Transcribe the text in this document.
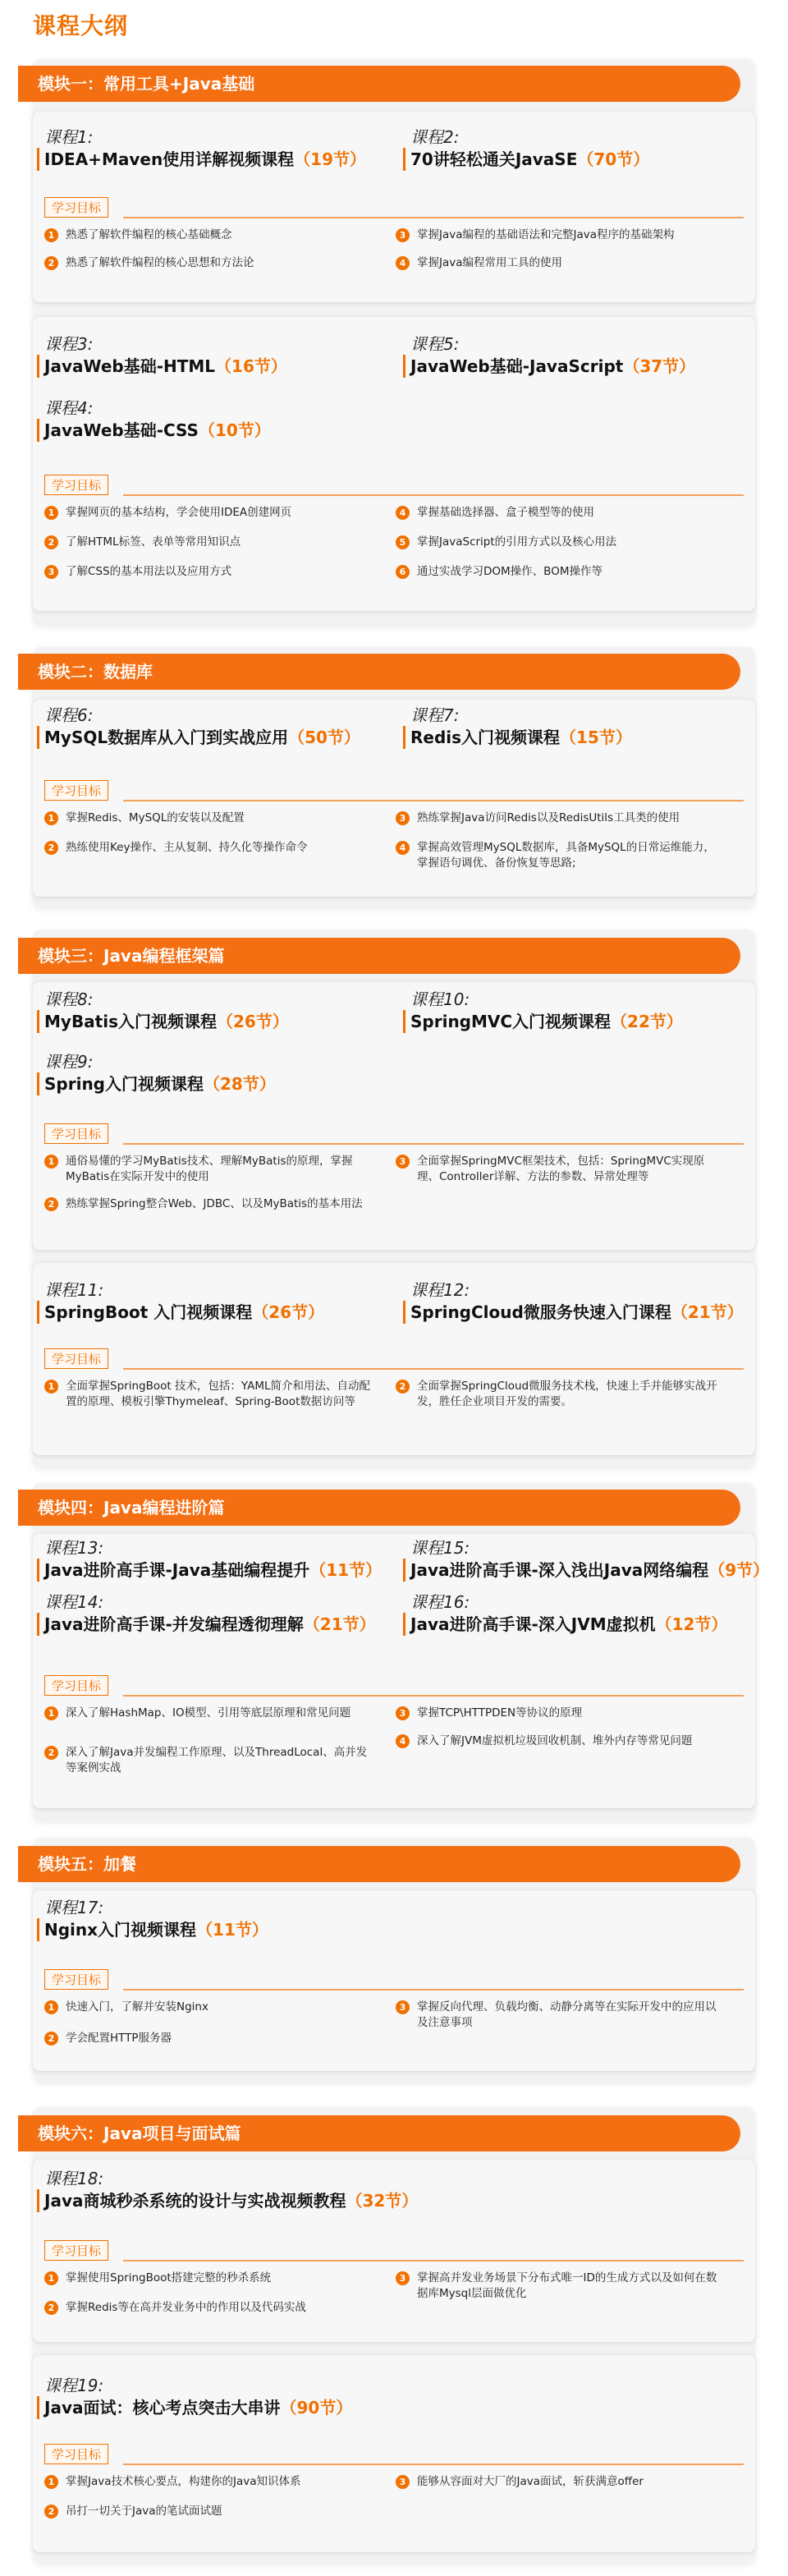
课程大纲
模块一：常用工具+Java基础
课程1:
IDEA+Maven使用详解视频课程（19节）
课程2:
70讲轻松通关JavaSE（70节）
学习目标
1	熟悉了解软件编程的核心基础概念	3	掌握Java编程的基础语法和完整Java程序的基础架构
2	熟悉了解软件编程的核心思想和方法论	4	掌握Java编程常用工具的使用
课程3:
JavaWeb基础-HTML（16节）
课程5:
JavaWeb基础-JavaScript（37节）
课程4:
JavaWeb基础-CSS（10节）
学习目标
1	掌握网页的基本结构，学会使用IDEA创建网页	4	掌握基础选择器、盒子模型等的使用
2	了解HTML标签、表单等常用知识点	5	掌握JavaScript的引用方式以及核心用法
3	了解CSS的基本用法以及应用方式	6	通过实战学习DOM操作、BOM操作等
模块二：数据库
课程6:
MySQL数据库从入门到实战应用（50节）
课程7:
Redis入门视频课程（15节）
学习目标
1	掌握Redis、MySQL的安装以及配置	3	熟练掌握Java访问Redis以及RedisUtils工具类的使用
2	熟练使用Key操作、主从复制、持久化等操作命令	4	掌握高效管理MySQL数据库，具备MySQL的日常运维能力，掌握语句调优、备份恢复等思路;
模块三：Java编程框架篇
课程8:
MyBatis入门视频课程（26节）
课程10:
SpringMVC入门视频课程（22节）
课程9:
Spring入门视频课程（28节）
学习目标
1	通俗易懂的学习MyBatis技术、理解MyBatis的原理，掌握MyBatis在实际开发中的使用
3	全面掌握SpringMVC框架技术，包括：SpringMVC实现原理、Controller详解、方法的参数、异常处理等
2	熟练掌握Spring整合Web、JDBC、以及MyBatis的基本用法
课程11:
SpringBoot 入门视频课程（26节）
课程12:
SpringCloud微服务快速入门课程（21节）
学习目标
1	全面掌握SpringBoot 技术，包括：YAML简介和用法、自动配置的原理、模板引擎Thymeleaf、Spring-Boot数据访问等
2	全面掌握SpringCloud微服务技术栈，快速上手并能够实战开发，胜任企业项目开发的需要。
模块四：Java编程进阶篇
课程13:
Java进阶高手课-Java基础编程提升（11节）
课程15:
Java进阶高手课-深入浅出Java网络编程（9节）
课程14:
Java进阶高手课-并发编程透彻理解（21节）
课程16:
Java进阶高手课-深入JVM虚拟机（12节）
学习目标
1	深入了解HashMap、IO模型、引用等底层原理和常见问题	3	掌握TCP\HTTPDEN等协议的原理
2	深入了解Java并发编程工作原理、以及ThreadLocal、高并发等案例实战
4	深入了解JVM虚拟机垃圾回收机制、堆外内存等常见问题
模块五：加餐
课程17:
Nginx入门视频课程（11节）
学习目标
1	快速入门，了解并安装Nginx	3	掌握反向代理、负载均衡、动静分离等在实际开发中的应用以及注意事项
2	学会配置HTTP服务器
模块六：Java项目与面试篇
课程18:
Java商城秒杀系统的设计与实战视频教程（32节）
学习目标
1	掌握使用SpringBoot搭建完整的秒杀系统	3	掌握高并发业务场景下分布式唯一ID的生成方式以及如何在数据库Mysql层面做优化
2	掌握Redis等在高并发业务中的作用以及代码实战
课程19:
Java面试：核心考点突击大串讲（90节）
学习目标
1	掌握Java技术核心要点，构建你的Java知识体系	3	能够从容面对大厂的Java面试，斩获满意offer
2	吊打一切关于Java的笔试面试题
